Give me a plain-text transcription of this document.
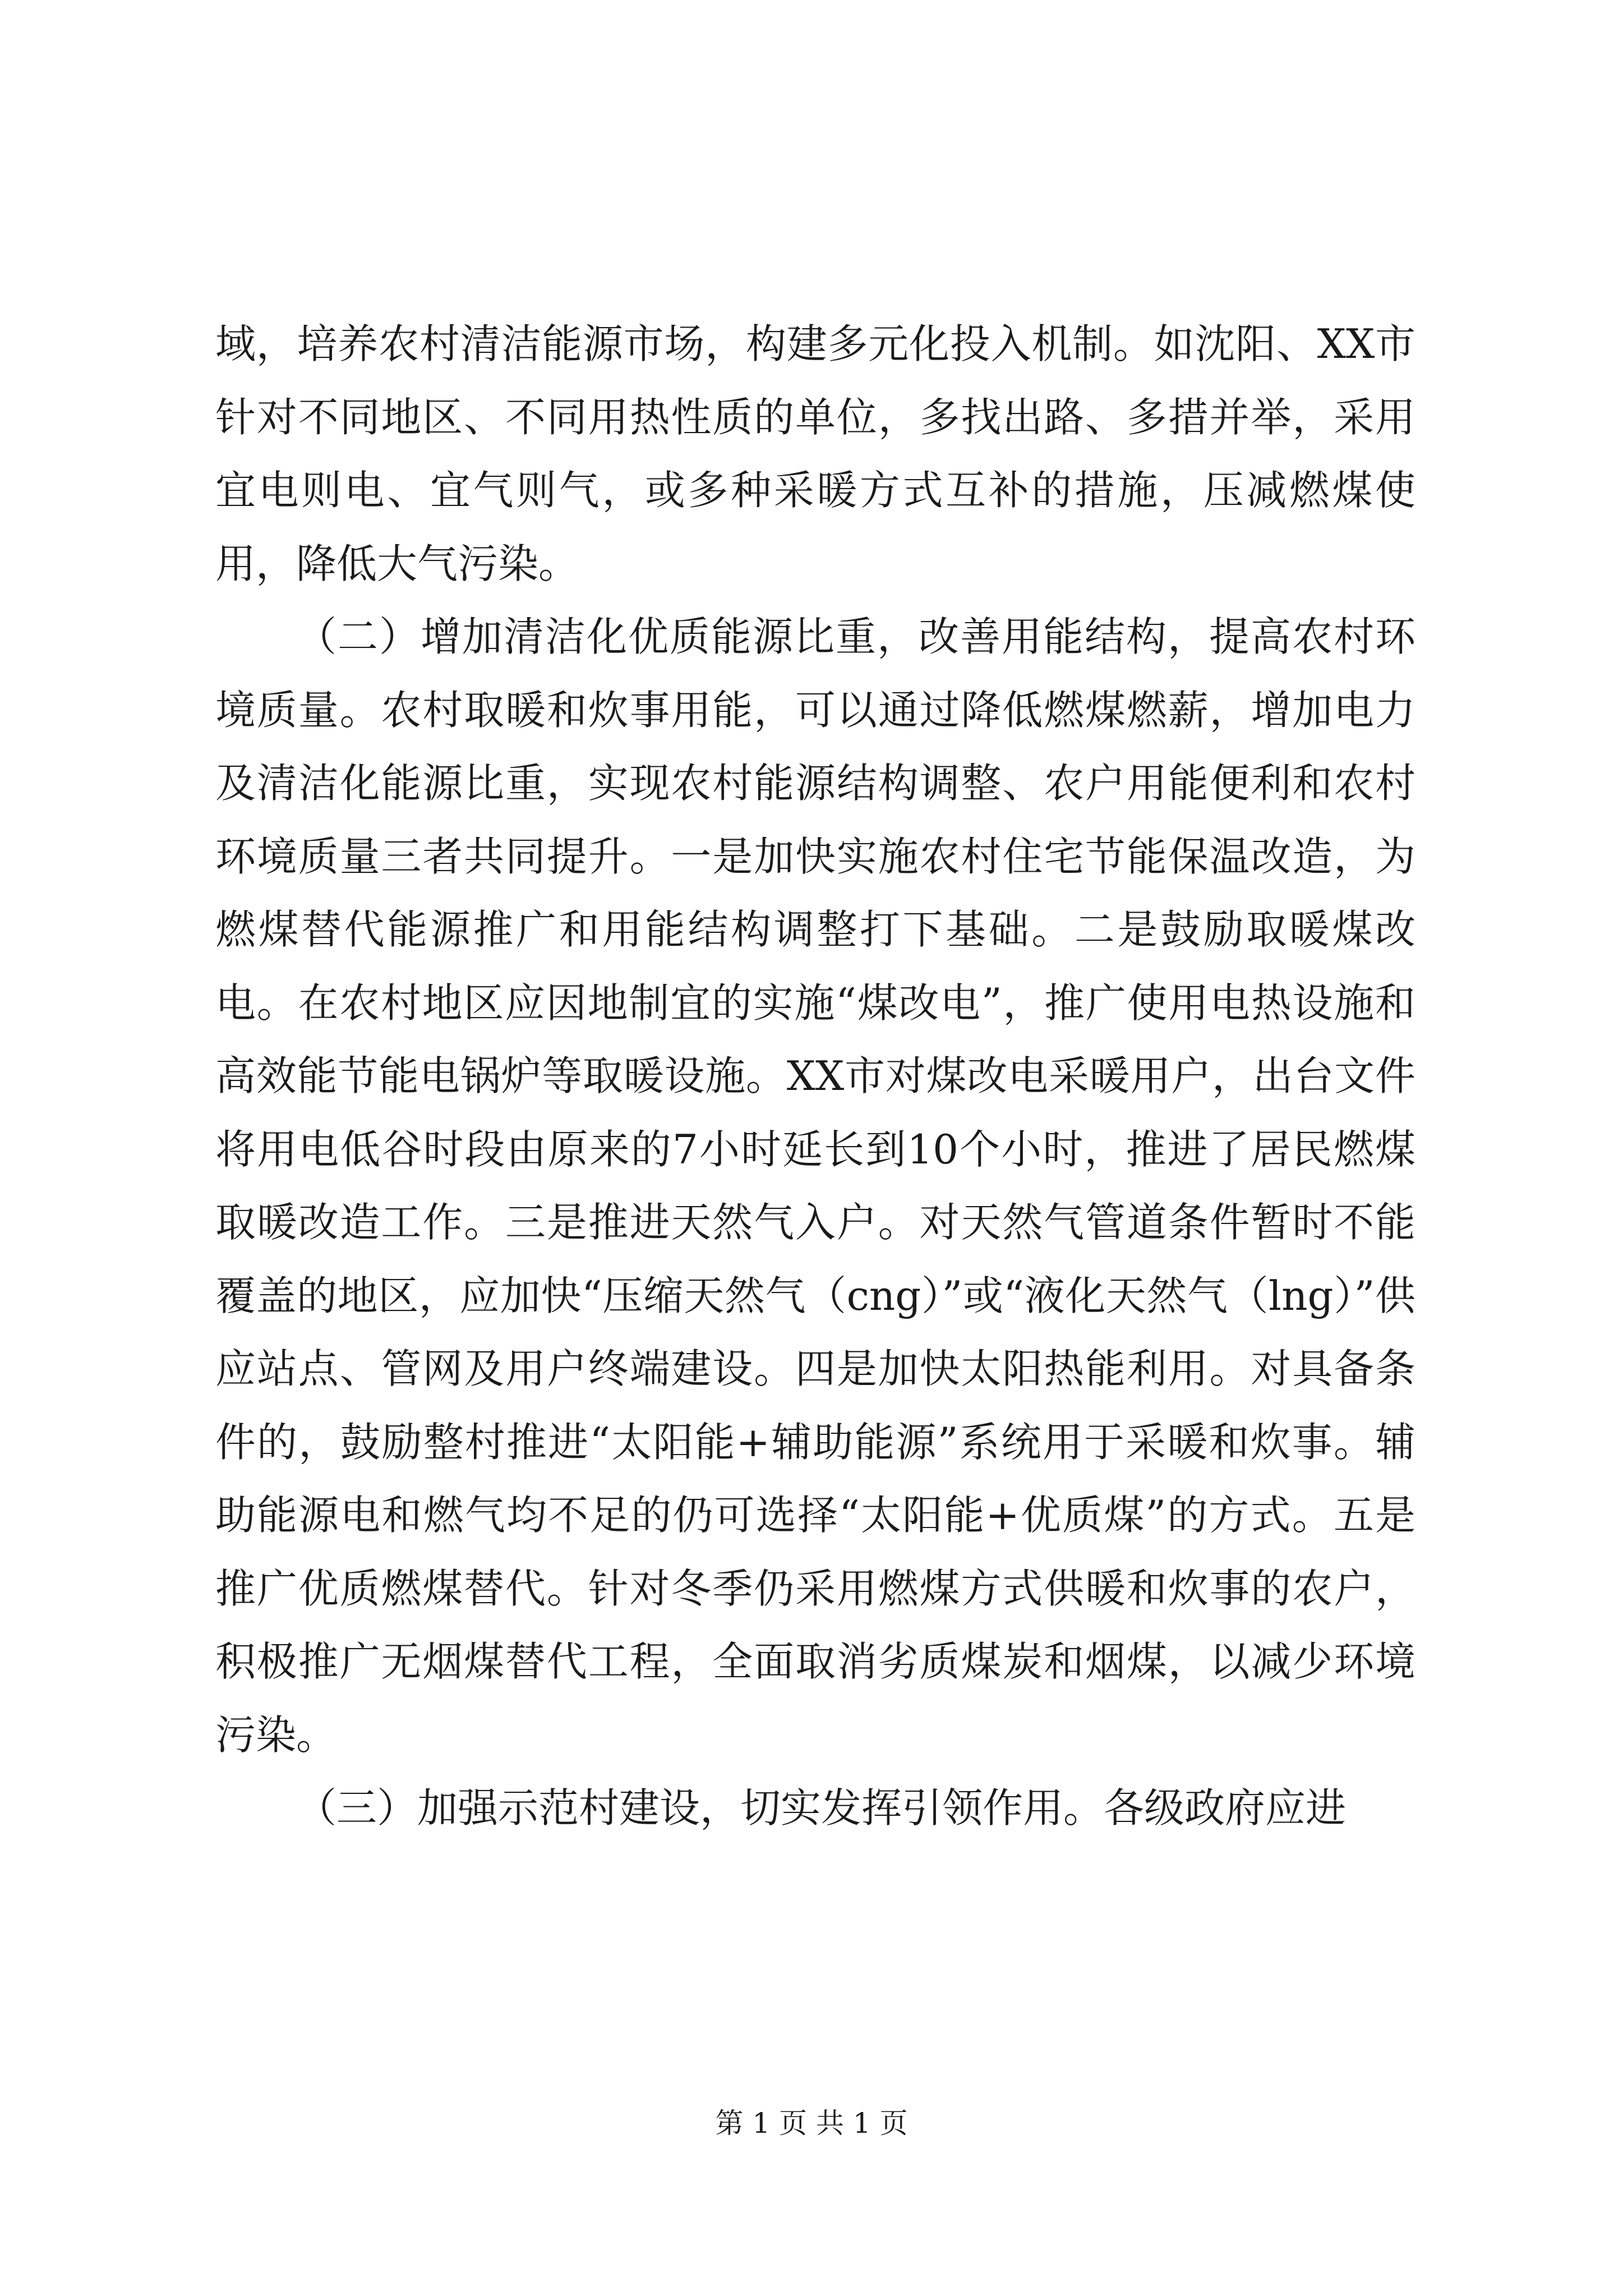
域，培养农村清洁能源市场，构建多元化投入机制。如沈阳、XX市针对不同地区、不同用热性质的单位，多找出路、多措并举，采用宜电则电、宜气则气，或多种采暖方式互补的措施，压减燃煤使用，降低大气污染。

（二）增加清洁化优质能源比重，改善用能结构，提高农村环境质量。农村取暖和炊事用能，可以通过降低燃煤燃薪，增加电力及清洁化能源比重，实现农村能源结构调整、农户用能便利和农村环境质量三者共同提升。一是加快实施农村住宅节能保温改造，为燃煤替代能源推广和用能结构调整打下基础。二是鼓励取暖煤改电。在农村地区应因地制宜的实施“煤改电”，推广使用电热设施和高效能节能电锅炉等取暖设施。XX市对煤改电采暖用户，出台文件将用电低谷时段由原来的7小时延长到10个小时，推进了居民燃煤取暖改造工作。三是推进天然气入户。对天然气管道条件暂时不能覆盖的地区，应加快“压缩天然气（cng）”或“液化天然气（lng）”供应站点、管网及用户终端建设。四是加快太阳热能利用。对具备条件的，鼓励整村推进“太阳能+辅助能源”系统用于采暖和炊事。辅助能源电和燃气均不足的仍可选择“太阳能+优质煤”的方式。五是推广优质燃煤替代。针对冬季仍采用燃煤方式供暖和炊事的农户，积极推广无烟煤替代工程，全面取消劣质煤炭和烟煤，以减少环境污染。

（三）加强示范村建设，切实发挥引领作用。各级政府应进

第 1 页 共 1 页
